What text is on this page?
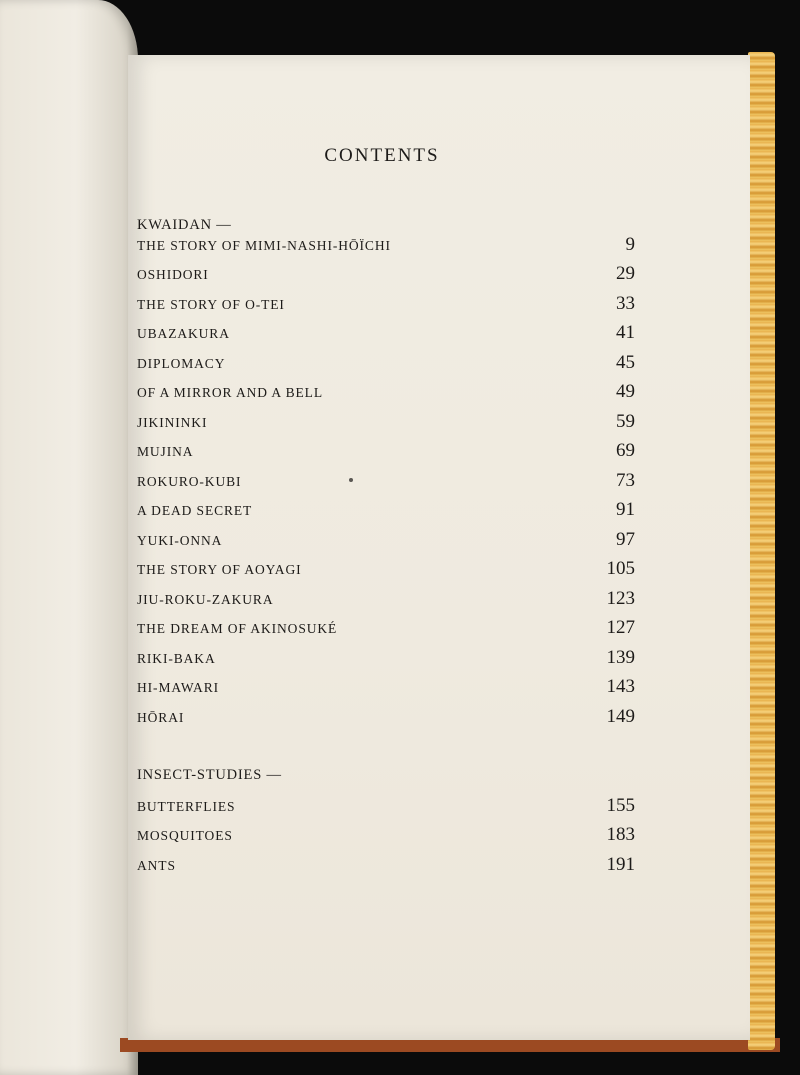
CONTENTS
KWAIDAN —
THE STORY OF MIMI-NASHI-HŌÏCHI	9
OSHIDORI	29
THE STORY OF O-TEI	33
UBAZAKURA	41
DIPLOMACY	45
OF A MIRROR AND A BELL	49
JIKININKI	59
MUJINA	69
ROKURO-KUBI	73
A DEAD SECRET	91
YUKI-ONNA	97
THE STORY OF AOYAGI	105
JIU-ROKU-ZAKURA	123
THE DREAM OF AKINOSUKÉ	127
RIKI-BAKA	139
HI-MAWARI	143
HŌRAI	149
INSECT-STUDIES —
BUTTERFLIES	155
MOSQUITOES	183
ANTS	191
